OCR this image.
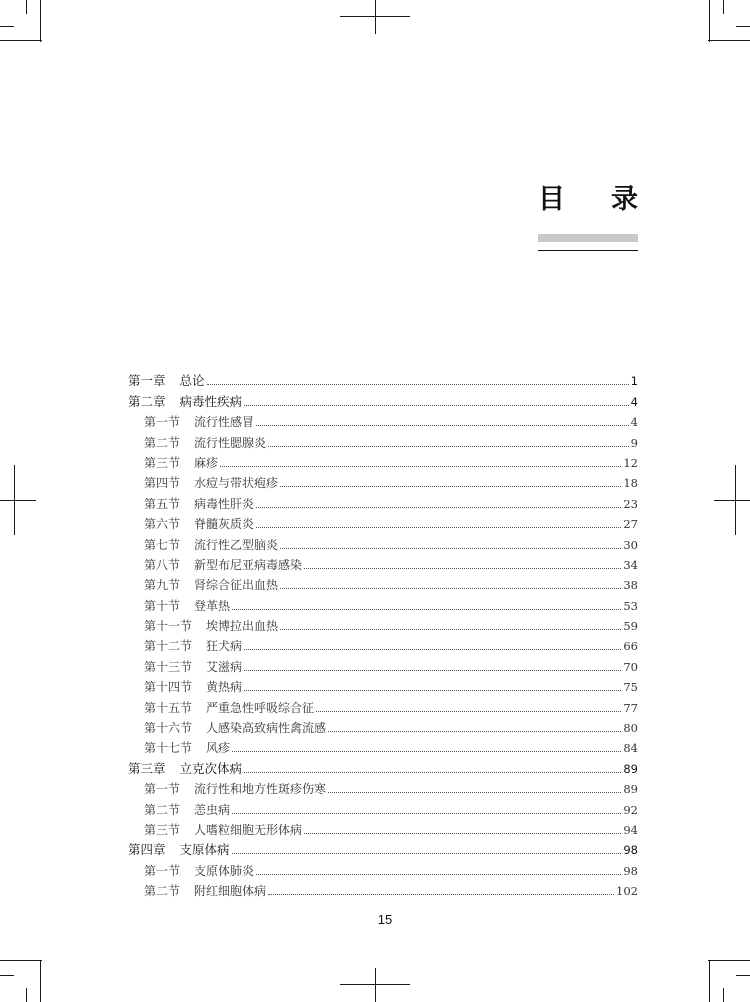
目 录
第一章 总论	1
第二章 病毒性疾病	4
第一节 流行性感冒	4
第二节 流行性腮腺炎	9
第三节 麻疹	12
第四节 水痘与带状疱疹	18
第五节 病毒性肝炎	23
第六节 脊髓灰质炎	27
第七节 流行性乙型脑炎	30
第八节 新型布尼亚病毒感染	34
第九节 肾综合征出血热	38
第十节 登革热	53
第十一节 埃博拉出血热	59
第十二节 狂犬病	66
第十三节 艾滋病	70
第十四节 黄热病	75
第十五节 严重急性呼吸综合征	77
第十六节 人感染高致病性禽流感	80
第十七节 风疹	84
第三章 立克次体病	89
第一节 流行性和地方性斑疹伤寒	89
第二节 恙虫病	92
第三节 人嗜粒细胞无形体病	94
第四章 支原体病	98
第一节 支原体肺炎	98
第二节 附红细胞体病	102
15
